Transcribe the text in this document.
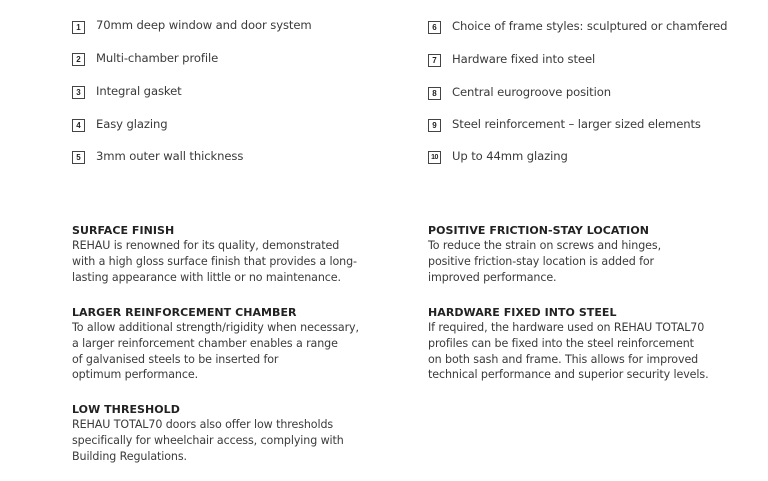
1	70mm deep window and door system
2	Multi-chamber profile
3	Integral gasket
4	Easy glazing
5	3mm outer wall thickness
6	Choice of frame styles: sculptured or chamfered
7	Hardware fixed into steel
8	Central eurogroove position
9	Steel reinforcement – larger sized elements
10 Up to 44mm glazing
SURFACE FINISH
REHAU is renowned for its quality, demonstrated
with a high gloss surface finish that provides a long-
lasting appearance with little or no maintenance.
LARGER REINFORCEMENT CHAMBER
To allow additional strength/rigidity when necessary,
a larger reinforcement chamber enables a range
of galvanised steels to be inserted for
optimum performance.
LOW THRESHOLD
REHAU TOTAL70 doors also offer low thresholds
specifically for wheelchair access, complying with
Building Regulations.
POSITIVE FRICTION-STAY LOCATION
To reduce the strain on screws and hinges,
positive friction-stay location is added for
improved performance.
HARDWARE FIXED INTO STEEL
If required, the hardware used on REHAU TOTAL70
profiles can be fixed into the steel reinforcement
on both sash and frame. This allows for improved
technical performance and superior security levels.
